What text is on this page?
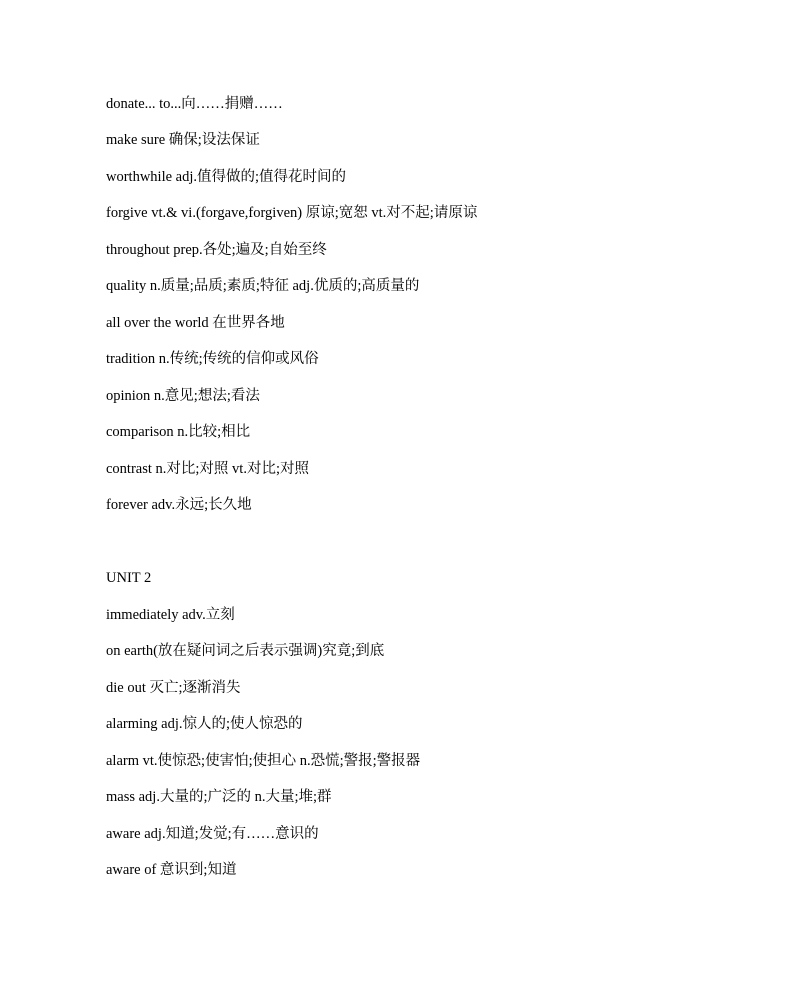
donate... to...向……捐赠……
make sure 确保;设法保证
worthwhile adj.值得做的;值得花时间的
forgive vt.& vi.(forgave,forgiven) 原谅;宽恕 vt.对不起;请原谅
throughout prep.各处;遍及;自始至终
quality n.质量;品质;素质;特征 adj.优质的;高质量的
all over the world 在世界各地
tradition n.传统;传统的信仰或风俗
opinion n.意见;想法;看法
comparison n.比较;相比
contrast n.对比;对照 vt.对比;对照
forever adv.永远;长久地
UNIT 2
immediately adv.立刻
on earth(放在疑问词之后表示强调)究竟;到底
die out 灭亡;逐渐消失
alarming adj.惊人的;使人惊恐的
alarm vt.使惊恐;使害怕;使担心 n.恐慌;警报;警报器
mass adj.大量的;广泛的 n.大量;堆;群
aware adj.知道;发觉;有……意识的
aware of 意识到;知道
